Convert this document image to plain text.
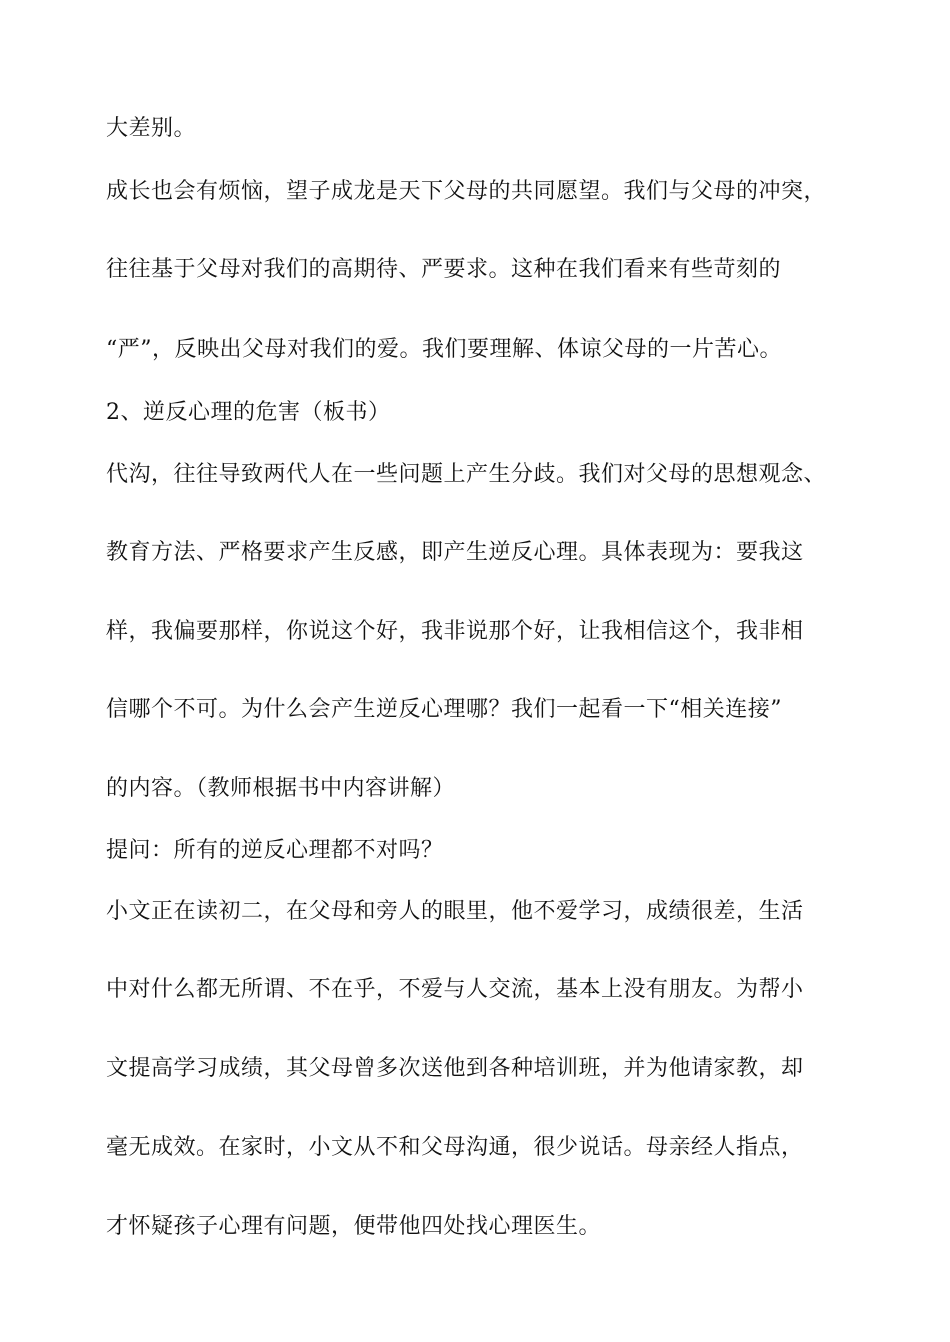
大差别。
成长也会有烦恼，望子成龙是天下父母的共同愿望。我们与父母的冲突，
往往基于父母对我们的高期待、严要求。这种在我们看来有些苛刻的
“严”，反映出父母对我们的爱。我们要理解、体谅父母的一片苦心。
2、逆反心理的危害（板书）
代沟，往往导致两代人在一些问题上产生分歧。我们对父母的思想观念、
教育方法、严格要求产生反感，即产生逆反心理。具体表现为：要我这
样，我偏要那样，你说这个好，我非说那个好，让我相信这个，我非相
信哪个不可。为什么会产生逆反心理哪？我们一起看一下“相关连接”
的内容。（教师根据书中内容讲解）
提问：所有的逆反心理都不对吗？
小文正在读初二，在父母和旁人的眼里，他不爱学习，成绩很差，生活
中对什么都无所谓、不在乎，不爱与人交流，基本上没有朋友。为帮小
文提高学习成绩，其父母曾多次送他到各种培训班，并为他请家教，却
毫无成效。在家时，小文从不和父母沟通，很少说话。母亲经人指点，
才怀疑孩子心理有问题，便带他四处找心理医生。
